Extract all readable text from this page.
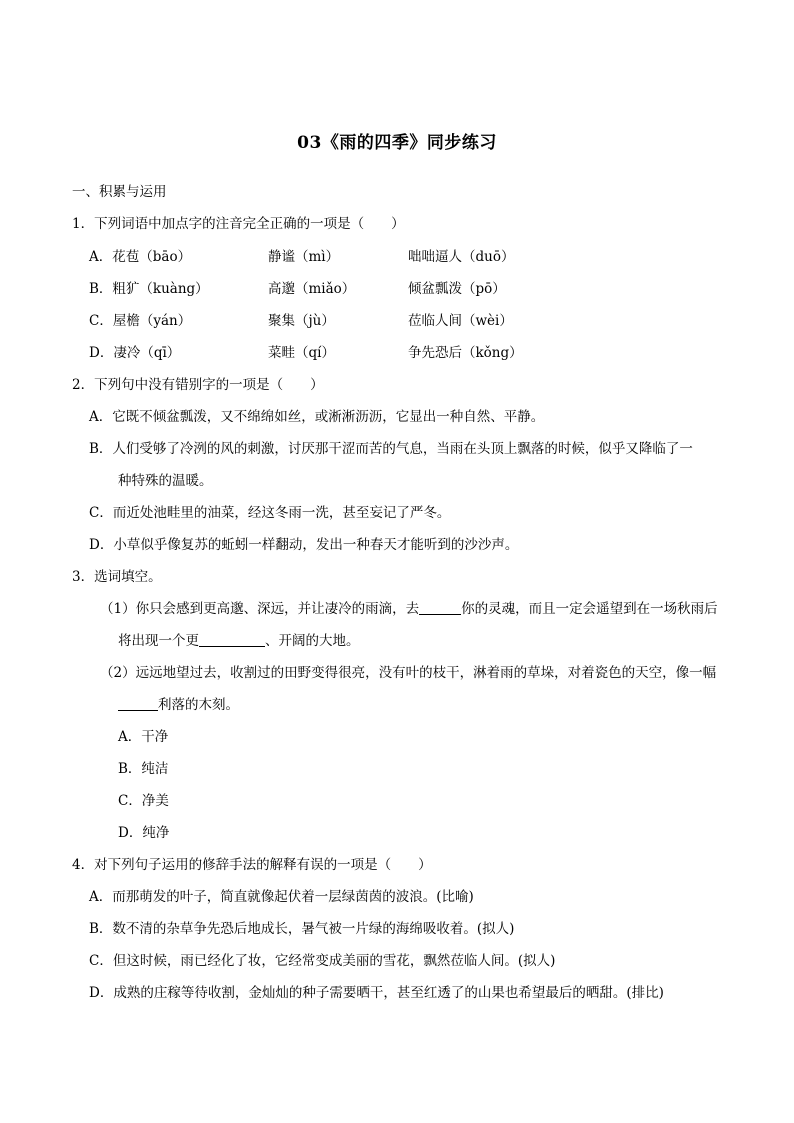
03《雨的四季》同步练习
一、积累与运用
1．下列词语中加点字的注音完全正确的一项是（　　）
A．花苞（bāo）	静谧（mì）	咄咄逼人（duō）
B．粗犷（kuàng）	高邈（miǎo）	倾盆瓢泼（pō）
C．屋檐（yán）	聚集（jù）	莅临人间（wèi）
D．凄冷（qī）	菜畦（qí）	争先恐后（kǒng）
2．下列句中没有错别字的一项是（　　）
A．它既不倾盆瓢泼，又不绵绵如丝，或淅淅沥沥，它显出一种自然、平静。
B．人们受够了冷洌的风的刺激，讨厌那干涩而苦的气息，当雨在头顶上飘落的时候，似乎又降临了一
种特殊的温暖。
C．而近处池畦里的油菜，经这冬雨一洗，甚至妄记了严冬。
D．小草似乎像复苏的蚯蚓一样翻动，发出一种春天才能听到的沙沙声。
3．选词填空。
（1）你只会感到更高邈、深远，并让凄冷的雨滴，去	你的灵魂，而且一定会遥望到在一场秋雨后
将出现一个更	、开阔的大地。
（2）远远地望过去，收割过的田野变得很亮，没有叶的枝干，淋着雨的草垛，对着瓷色的天空，像一幅
利落的木刻。
A．干净
B．纯洁
C．净美
D．纯净
4．对下列句子运用的修辞手法的解释有误的一项是（　　）
A．而那萌发的叶子，简直就像起伏着一层绿茵茵的波浪。(比喻)
B．数不清的杂草争先恐后地成长，暑气被一片绿的海绵吸收着。(拟人)
C．但这时候，雨已经化了妆，它经常变成美丽的雪花，飘然莅临人间。(拟人)
D．成熟的庄稼等待收割，金灿灿的种子需要晒干，甚至红透了的山果也希望最后的晒甜。(排比)
